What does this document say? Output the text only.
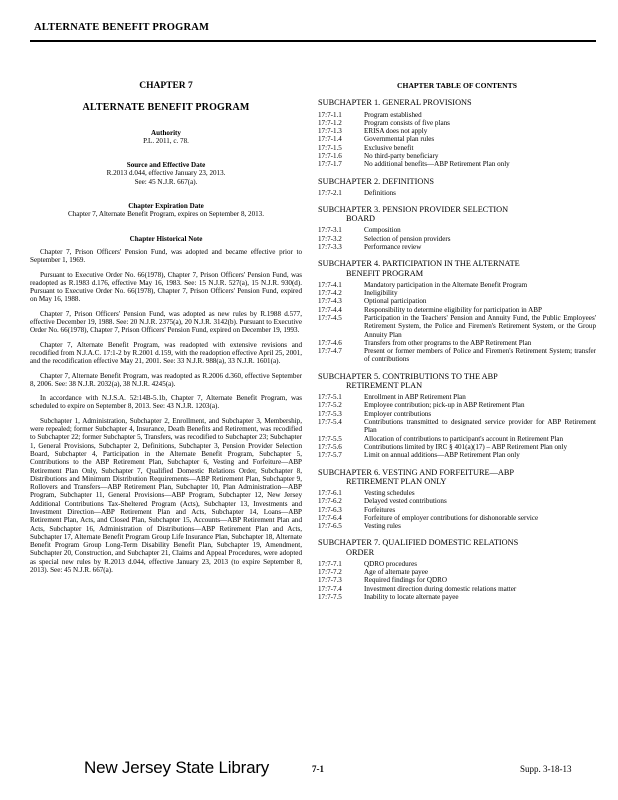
ALTERNATE BENEFIT PROGRAM
CHAPTER 7
ALTERNATE BENEFIT PROGRAM
Authority
P.L. 2011, c. 78.
Source and Effective Date
R.2013 d.044, effective January 23, 2013.
See: 45 N.J.R. 667(a).
Chapter Expiration Date
Chapter 7, Alternate Benefit Program, expires on September 8, 2013.
Chapter Historical Note
Chapter 7, Prison Officers' Pension Fund, was adopted and became effective prior to September 1, 1969.
Pursuant to Executive Order No. 66(1978), Chapter 7, Prison Officers' Pension Fund, was readopted as R.1983 d.176, effective May 16, 1983. See: 15 N.J.R. 527(a), 15 N.J.R. 930(d). Pursuant to Executive Order No. 66(1978), Chapter 7, Prison Officers' Pension Fund, expired on May 16, 1988.
Chapter 7, Prison Officers' Pension Fund, was adopted as new rules by R.1988 d.577, effective December 19, 1988. See: 20 N.J.R. 2375(a), 20 N.J.R. 3142(b). Pursuant to Executive Order No. 66(1978), Chapter 7, Prison Officers' Pension Fund, expired on December 19, 1993.
Chapter 7, Alternate Benefit Program, was readopted with extensive revisions and recodified from N.J.A.C. 17:1-2 by R.2001 d.159, with the readoption effective April 25, 2001, and the recodification effective May 21, 2001. See: 33 N.J.R. 988(a), 33 N.J.R. 1601(a).
Chapter 7, Alternate Benefit Program, was readopted as R.2006 d.360, effective September 8, 2006. See: 38 N.J.R. 2032(a), 38 N.J.R. 4245(a).
In accordance with N.J.S.A. 52:14B-5.1b, Chapter 7, Alternate Benefit Program, was scheduled to expire on September 8, 2013. See: 43 N.J.R. 1203(a).
Subchapter 1, Administration, Subchapter 2, Enrollment, and Subchapter 3, Membership, were repealed; former Subchapter 4, Insurance, Death Benefits and Retirement, was recodified to Subchapter 22; former Subchapter 5, Transfers, was recodified to Subchapter 23; Subchapter 1, General Provisions, Subchapter 2, Definitions, Subchapter 3, Pension Provider Selection Board, Subchapter 4, Participation in the Alternate Benefit Program, Subchapter 5, Contributions to the ABP Retirement Plan, Subchapter 6, Vesting and Forfeiture—ABP Retirement Plan Only, Subchapter 7, Qualified Domestic Relations Order, Subchapter 8, Distributions and Minimum Distribution Requirements—ABP Retirement Plan, Subchapter 9, Rollovers and Transfers—ABP Retirement Plan, Subchapter 10, Plan Administration—ABP Program, Subchapter 11, General Provisions—ABP Program, Subchapter 12, New Jersey Additional Contributions Tax-Sheltered Program (Acts), Subchapter 13, Investments and Investment Direction—ABP Retirement Plan and Acts, Subchapter 14, Loans—ABP Retirement Plan, Acts, and Closed Plan, Subchapter 15, Accounts—ABP Retirement Plan and Acts, Subchapter 16, Administration of Distributions—ABP Retirement Plan and Acts, Subchapter 17, Alternate Benefit Program Group Life Insurance Plan, Subchapter 18, Alternate Benefit Program Group Long-Term Disability Benefit Plan, Subchapter 19, Amendment, Subchapter 20, Construction, and Subchapter 21, Claims and Appeal Procedures, were adopted as special new rules by R.2013 d.044, effective January 23, 2013 (to expire September 8, 2013). See: 45 N.J.R. 667(a).
CHAPTER TABLE OF CONTENTS
SUBCHAPTER 1. GENERAL PROVISIONS
17:7-1.1	Program established
17:7-1.2	Program consists of five plans
17:7-1.3	ERISA does not apply
17:7-1.4	Governmental plan rules
17:7-1.5	Exclusive benefit
17:7-1.6	No third-party beneficiary
17:7-1.7	No additional benefits—ABP Retirement Plan only
SUBCHAPTER 2. DEFINITIONS
17:7-2.1	Definitions
SUBCHAPTER 3. PENSION PROVIDER SELECTION
BOARD
17:7-3.1	Composition
17:7-3.2	Selection of pension providers
17:7-3.3	Performance review
SUBCHAPTER 4. PARTICIPATION IN THE ALTERNATE
BENEFIT PROGRAM
17:7-4.1	Mandatory participation in the Alternate Benefit Program
17:7-4.2	Ineligibility
17:7-4.3	Optional participation
17:7-4.4	Responsibility to determine eligibility for participation in ABP
17:7-4.5	Participation in the Teachers' Pension and Annuity Fund, the Public Employees' Retirement System, the Police and Firemen's Retirement System, or the Group Annuity Plan
17:7-4.6	Transfers from other programs to the ABP Retirement Plan
17:7-4.7	Present or former members of Police and Firemen's Retirement System; transfer of contributions
SUBCHAPTER 5. CONTRIBUTIONS TO THE ABP
RETIREMENT PLAN
17:7-5.1	Enrollment in ABP Retirement Plan
17:7-5.2	Employee contribution; pick-up in ABP Retirement Plan
17:7-5.3	Employer contributions
17:7-5.4	Contributions transmitted to designated service provider for ABP Retirement Plan
17:7-5.5	Allocation of contributions to participant's account in Retirement Plan
17:7-5.6	Contributions limited by IRC § 401(a)(17) – ABP Retirement Plan only
17:7-5.7	Limit on annual additions—ABP Retirement Plan only
SUBCHAPTER 6. VESTING AND FORFEITURE—ABP
RETIREMENT PLAN ONLY
17:7-6.1	Vesting schedules
17:7-6.2	Delayed vested contributions
17:7-6.3	Forfeitures
17:7-6.4	Forfeiture of employer contributions for dishonorable service
17:7-6.5	Vesting rules
SUBCHAPTER 7. QUALIFIED DOMESTIC RELATIONS
ORDER
17:7-7.1	QDRO procedures
17:7-7.2	Age of alternate payee
17:7-7.3	Required findings for QDRO
17:7-7.4	Investment direction during domestic relations matter
17:7-7.5	Inability to locate alternate payee
New Jersey State Library	7-1	Supp. 3-18-13
